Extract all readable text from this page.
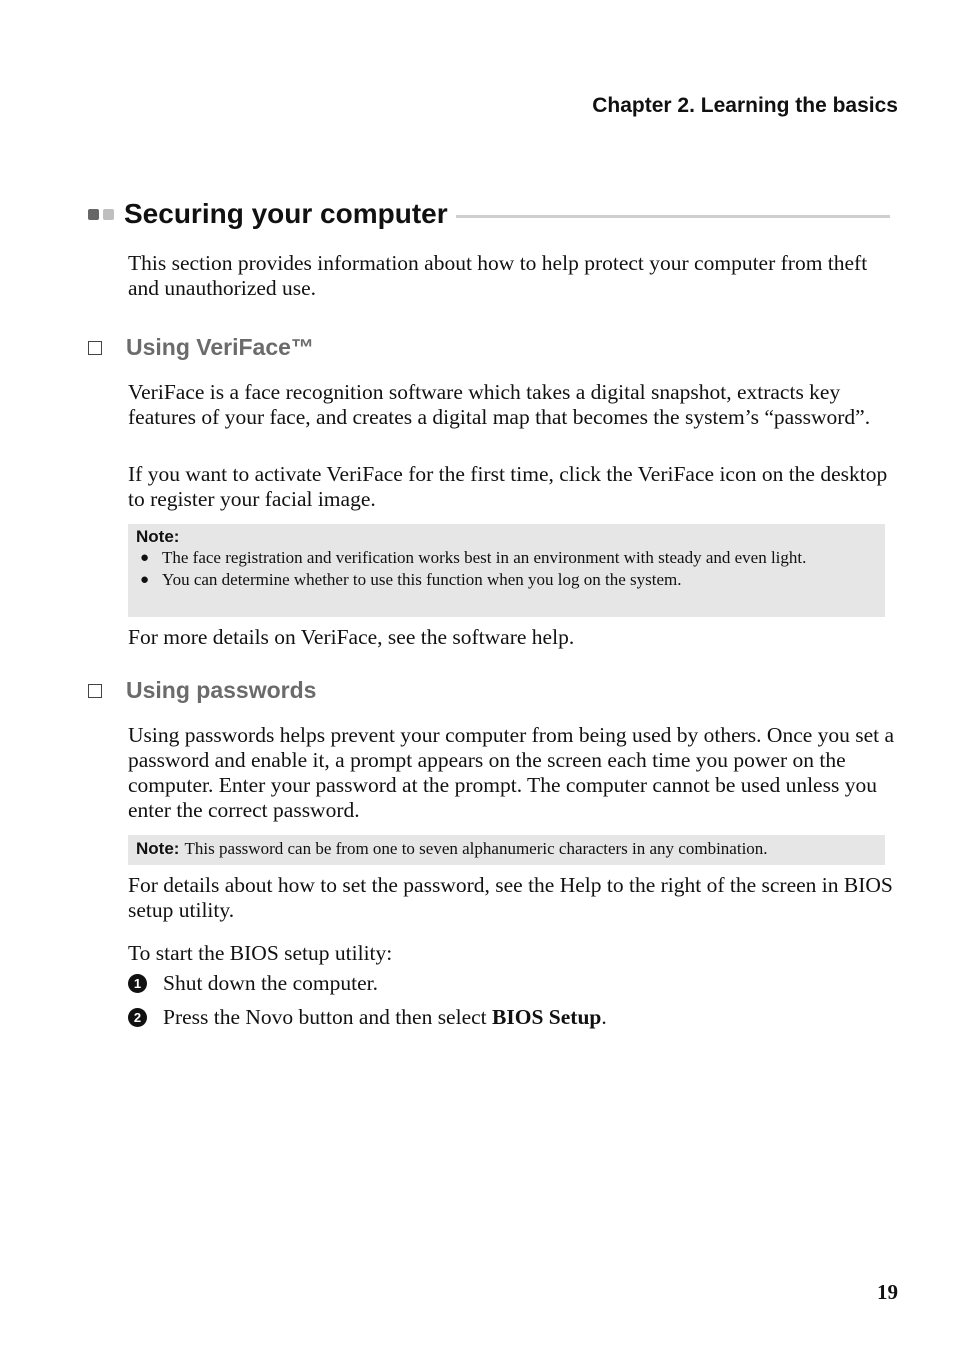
Chapter 2. Learning the basics
Securing your computer
This section provides information about how to help protect your computer from theft and unauthorized use.
Using VeriFace™
VeriFace is a face recognition software which takes a digital snapshot, extracts key features of your face, and creates a digital map that becomes the system’s “password”.
If you want to activate VeriFace for the first time, click the VeriFace icon on the desktop to register your facial image.
Note:
● The face registration and verification works best in an environment with steady and even light.
● You can determine whether to use this function when you log on the system.
For more details on VeriFace, see the software help.
Using passwords
Using passwords helps prevent your computer from being used by others. Once you set a password and enable it, a prompt appears on the screen each time you power on the computer. Enter your password at the prompt. The computer cannot be used unless you enter the correct password.
Note: This password can be from one to seven alphanumeric characters in any combination.
For details about how to set the password, see the Help to the right of the screen in BIOS setup utility.
To start the BIOS setup utility:
1 Shut down the computer.
2 Press the Novo button and then select BIOS Setup.
19
